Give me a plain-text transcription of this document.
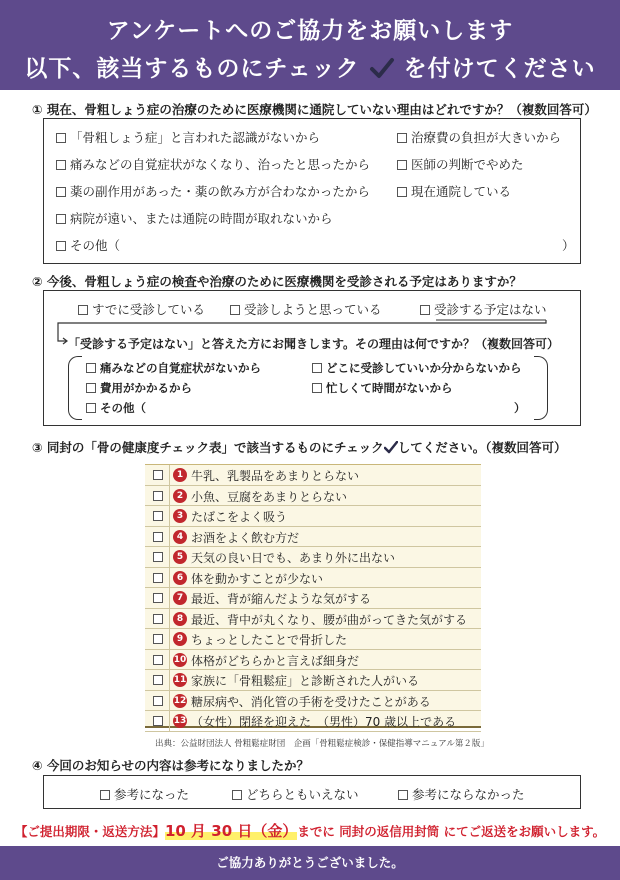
アンケートへのご協力をお願いします
以下、該当するものにチェック を付けてください
① 現在、骨粗しょう症の治療のために医療機関に通院していない理由はどれですか？（複数回答可）
「骨粗しょう症」と言われた認識がないから
痛みなどの自覚症状がなくなり、治ったと思ったから
薬の副作用があった・薬の飲み方が合わなかったから
病院が遠い、または通院の時間が取れないから
その他（	）
治療費の負担が大きいから
医師の判断でやめた
現在通院している
② 今後、骨粗しょう症の検査や治療のために医療機関を受診される予定はありますか？
すでに受診している	受診しようと思っている	受診する予定はない
「受診する予定はない」と答えた方にお聞きします。その理由は何ですか？（複数回答可）
痛みなどの自覚症状がないから
費用がかかるから
その他（	）
どこに受診していいか分からないから
忙しくて時間がないから
③ 同封の「骨の健康度チェック表」で該当するものにチェック してください。（複数回答可）
1 牛乳、乳製品をあまりとらない
2 小魚、豆腐をあまりとらない
3 たばこをよく吸う
4 お酒をよく飲む方だ
5 天気の良い日でも、あまり外に出ない
6 体を動かすことが少ない
7 最近、背が縮んだような気がする
8 最近、背中が丸くなり、腰が曲がってきた気がする
9 ちょっとしたことで骨折した
10 体格がどちらかと言えば細身だ
11 家族に「骨粗鬆症」と診断された人がいる
12 糖尿病や、消化管の手術を受けたことがある
13 （女性）閉経を迎えた　（男性）70 歳以上である
出典：公益財団法人 骨粗鬆症財団　企画「骨粗鬆症検診・保健指導マニュアル第２版」
④ 今回のお知らせの内容は参考になりましたか？
参考になった	どちらともいえない	参考にならなかった
【ご提出期限・返送方法】10 月 30 日（金）までに 同封の返信用封筒 にてご返送をお願いします。
ご協力ありがとうございました。
